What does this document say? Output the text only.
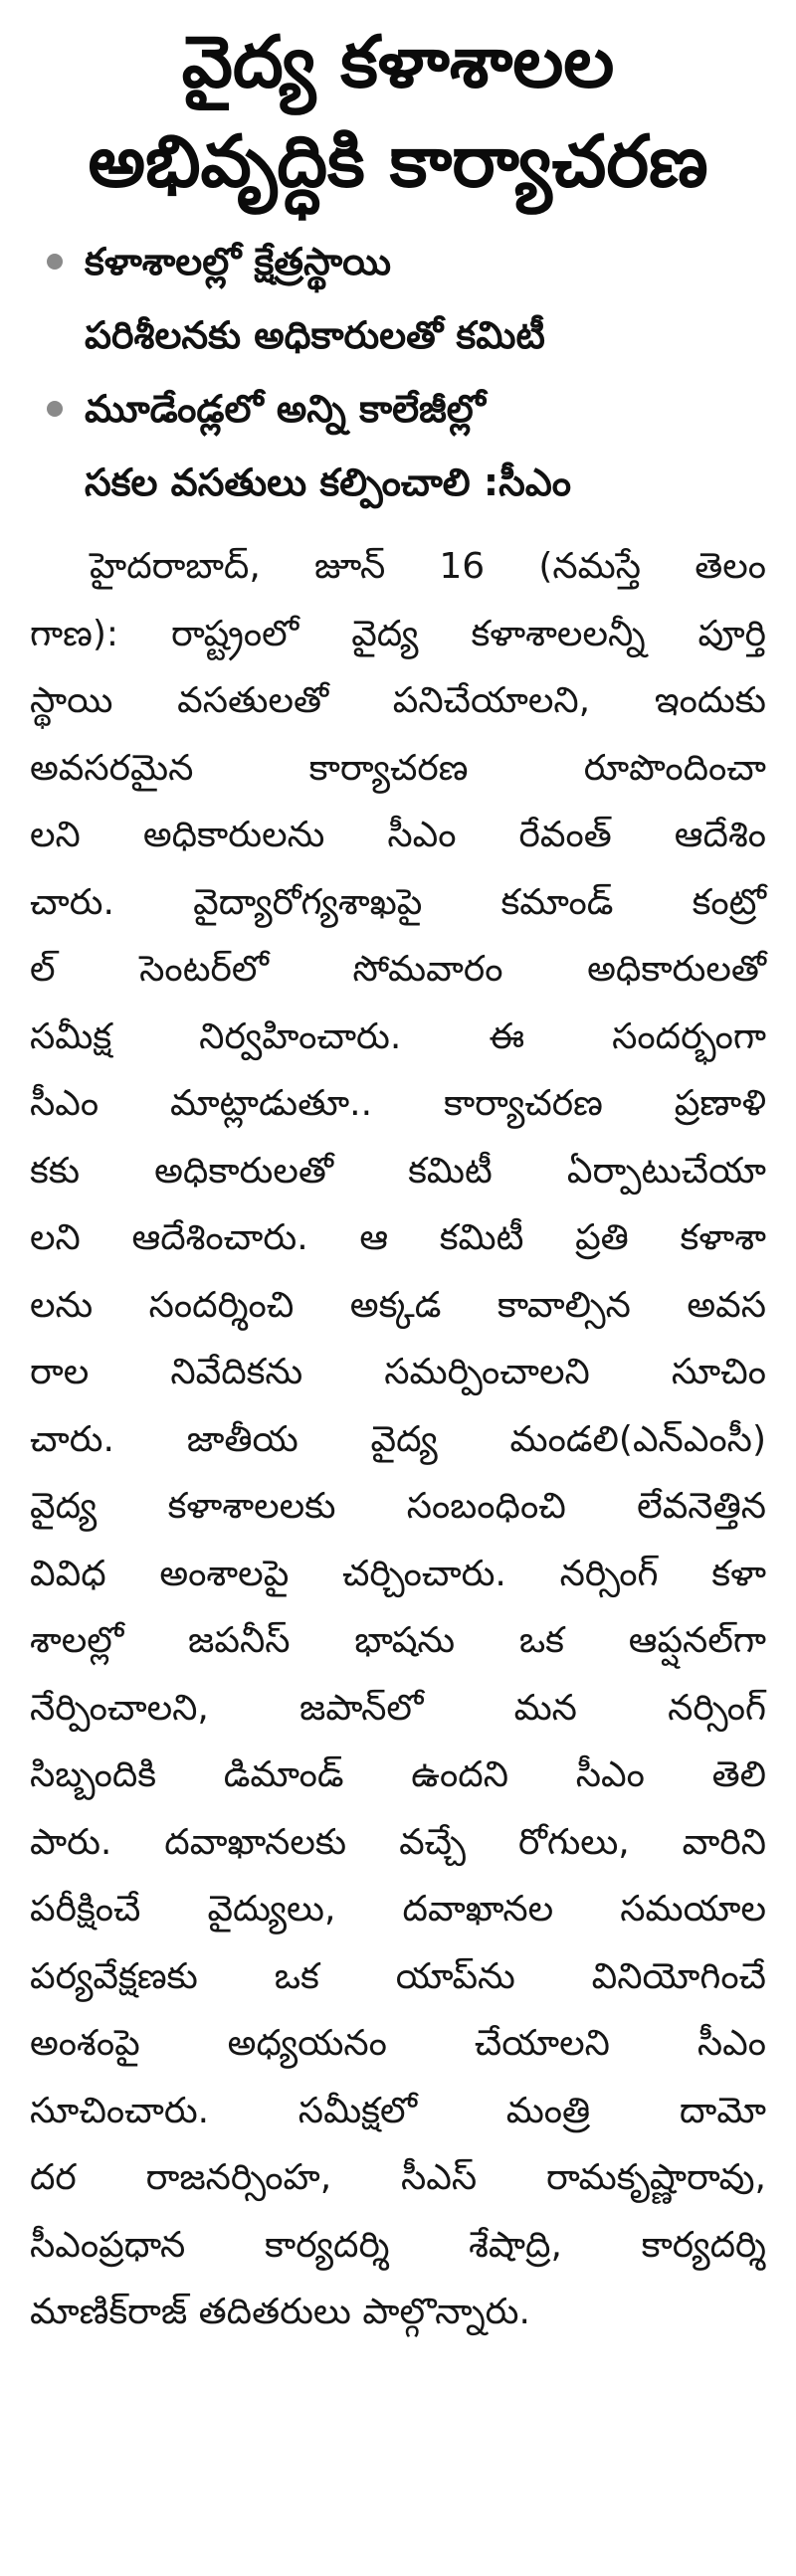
వైద్య కళాశాలల
అభివృద్ధికి కార్యాచరణ
కళాశాలల్లో క్షేత్రస్థాయి
పరిశీలనకు అధికారులతో కమిటీ
మూడేండ్లలో అన్ని కాలేజీల్లో
సకల వసతులు కల్పించాలి :సీఎం
హైదరాబాద్, జూన్ 16 (నమస్తే తెలం
గాణ): రాష్ట్రంలో వైద్య కళాశాలలన్నీ పూర్తి
స్థాయి వసతులతో పనిచేయాలని, ఇందుకు
అవసరమైన కార్యాచరణ రూపొందించా
లని అధికారులను సీఎం రేవంత్ ఆదేశిం
చారు. వైద్యారోగ్యశాఖపై కమాండ్ కంట్రో
ల్ సెంటర్‌లో సోమవారం అధికారులతో
సమీక్ష నిర్వహించారు. ఈ సందర్భంగా
సీఎం మాట్లాడుతూ.. కార్యాచరణ ప్రణాళి
కకు అధికారులతో కమిటీ ఏర్పాటుచేయా
లని ఆదేశించారు. ఆ కమిటీ ప్రతి కళాశా
లను సందర్శించి అక్కడ కావాల్సిన అవస
రాల నివేదికను సమర్పించాలని సూచిం
చారు. జాతీయ వైద్య మండలి(ఎన్‌ఎంసీ)
వైద్య కళాశాలలకు సంబంధించి లేవనెత్తిన
వివిధ అంశాలపై చర్చించారు. నర్సింగ్ కళా
శాలల్లో జపనీస్ భాషను ఒక ఆప్షనల్‌గా
నేర్పించాలని, జపాన్‌లో మన నర్సింగ్
సిబ్బందికి డిమాండ్ ఉందని సీఎం తెలి
పారు. దవాఖానలకు వచ్చే రోగులు, వారిని
పరీక్షించే వైద్యులు, దవాఖానల సమయాల
పర్యవేక్షణకు ఒక యాప్‌ను వినియోగించే
అంశంపై అధ్యయనం చేయాలని సీఎం
సూచించారు. సమీక్షలో మంత్రి దామో
దర రాజనర్సింహ, సీఎస్ రామకృష్ణారావు,
సీఎంప్రధాన కార్యదర్శి శేషాద్రి, కార్యదర్శి
మాణిక్‌రాజ్ తదితరులు పాల్గొన్నారు.
